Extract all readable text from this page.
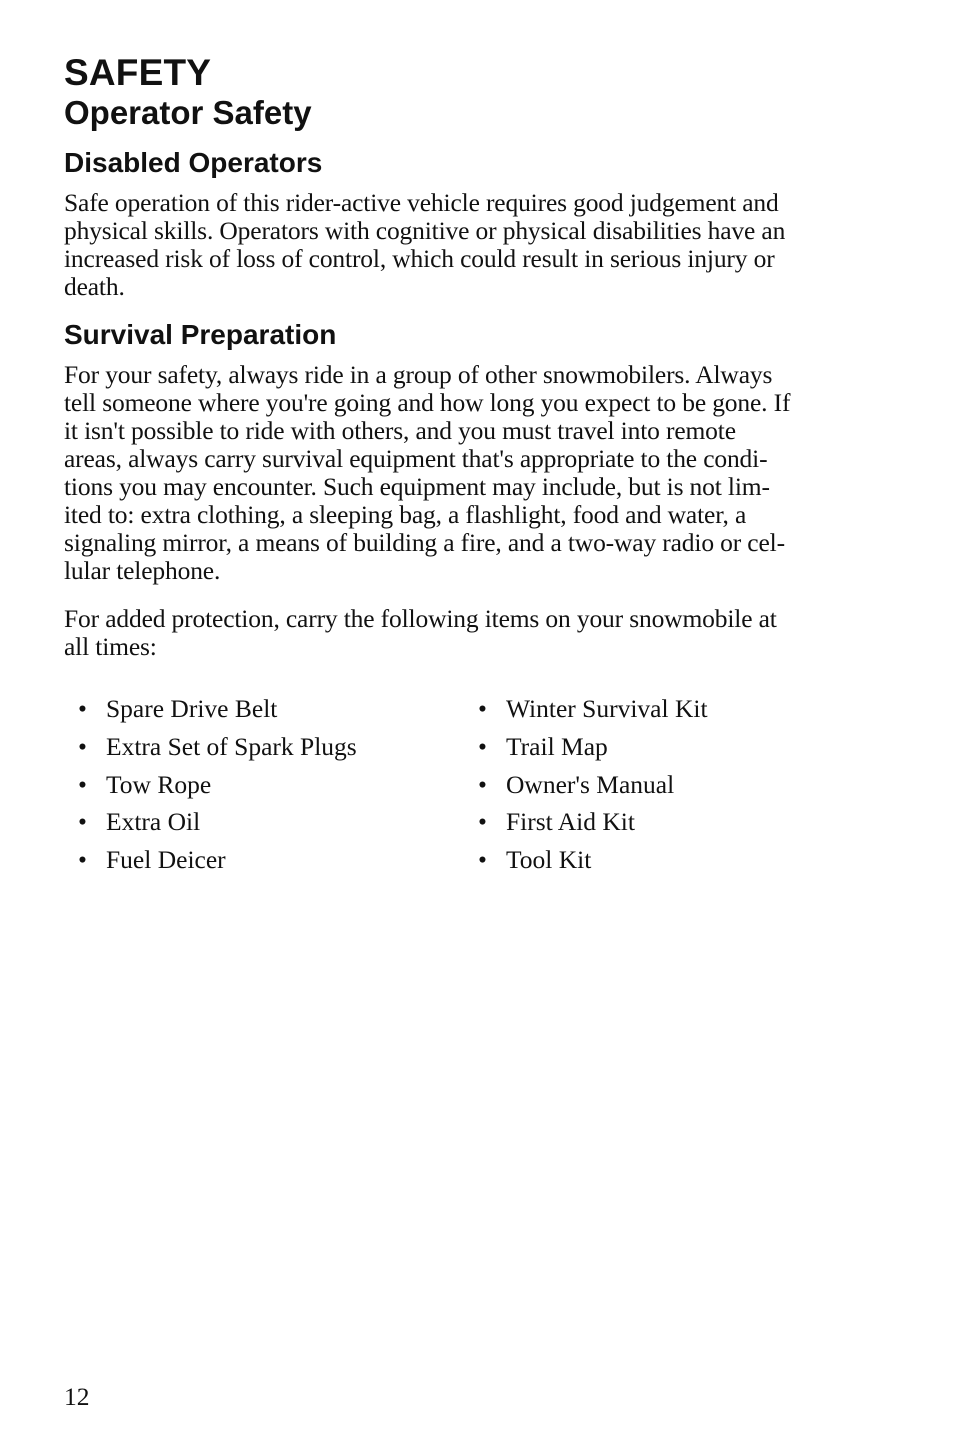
SAFETY
Operator Safety
Disabled Operators
Safe operation of this rider-active vehicle requires good judgement and
physical skills. Operators with cognitive or physical disabilities have an
increased risk of loss of control, which could result in serious injury or
death.
Survival Preparation
For your safety, always ride in a group of other snowmobilers. Always
tell someone where you're going and how long you expect to be gone. If
it isn't possible to ride with others, and you must travel into remote
areas, always carry survival equipment that's appropriate to the condi-
tions you may encounter. Such equipment may include, but is not lim-
ited to: extra clothing, a sleeping bag, a flashlight, food and water, a
signaling mirror, a means of building a fire, and a two-way radio or cel-
lular telephone.
For added protection, carry the following items on your snowmobile at
all times:
• Spare Drive Belt
• Extra Set of Spark Plugs
• Tow Rope
• Extra Oil
• Fuel Deicer
• Winter Survival Kit
• Trail Map
• Owner's Manual
• First Aid Kit
• Tool Kit
12
